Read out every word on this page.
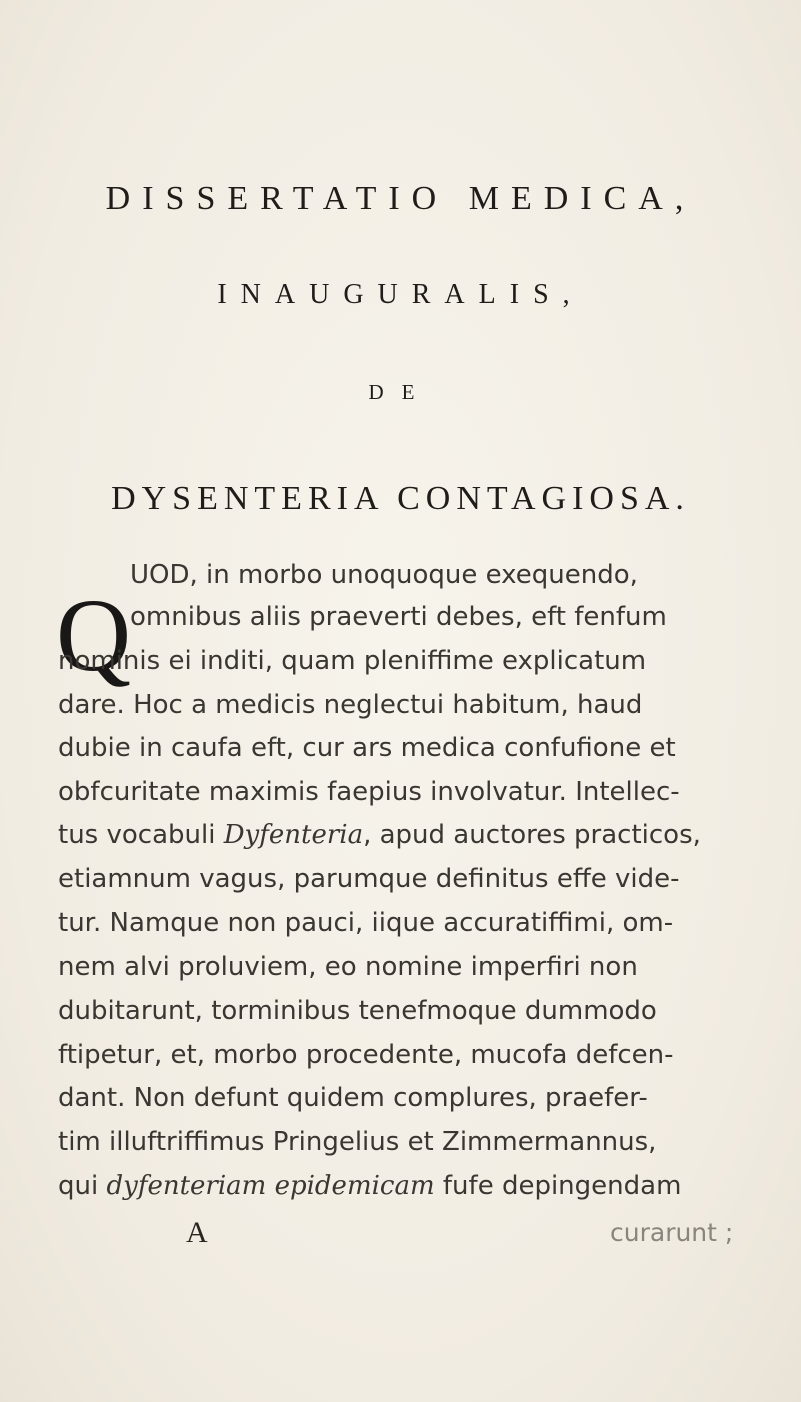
DISSERTATIO MEDICA,
INAUGURALIS,
DE
DYSENTERIA CONTAGIOSA.
Q
UOD, in morbo unoquoque exequendo,
omnibus aliis praeverti debes, eft fenfum
nominis ei inditi, quam pleniffime explicatum
dare. Hoc a medicis neglectui habitum, haud
dubie in caufa eft, cur ars medica confufione et
obfcuritate maximis faepius involvatur. Intellec-
tus vocabuli Dyfenteria, apud auctores practicos,
etiamnum vagus, parumque definitus effe vide-
tur. Namque non pauci, iique accuratiffimi, om-
nem alvi proluviem, eo nomine imperfiri non
dubitarunt, torminibus tenefmoque dummodo
ftipetur, et, morbo procedente, mucofa defcen-
dant. Non defunt quidem complures, praefer-
tim illuftriffimus Pringelius et Zimmermannus,
qui dyfenteriam epidemicam fufe depingendam
A	curarunt ;
